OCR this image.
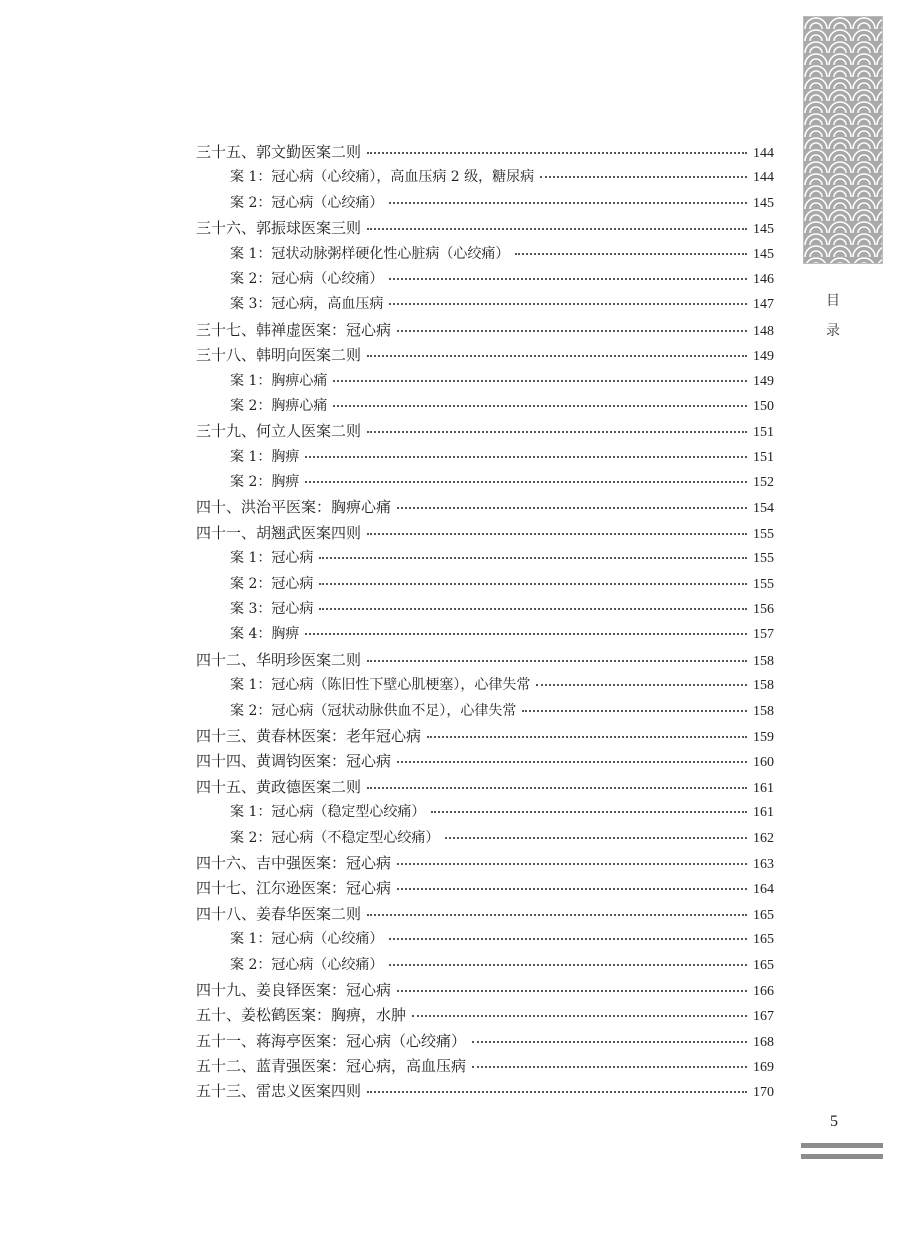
目录
三十五、郭文勤医案二则	144
案 1：冠心病（心绞痛），高血压病 2 级，糖尿病	144
案 2：冠心病（心绞痛）	145
三十六、郭振球医案三则	145
案 1：冠状动脉粥样硬化性心脏病（心绞痛）	145
案 2：冠心病（心绞痛）	146
案 3：冠心病，高血压病	147
三十七、韩禅虚医案：冠心病	148
三十八、韩明向医案二则	149
案 1：胸痹心痛	149
案 2：胸痹心痛	150
三十九、何立人医案二则	151
案 1：胸痹	151
案 2：胸痹	152
四十、洪治平医案：胸痹心痛	154
四十一、胡翘武医案四则	155
案 1：冠心病	155
案 2：冠心病	155
案 3：冠心病	156
案 4：胸痹	157
四十二、华明珍医案二则	158
案 1：冠心病（陈旧性下壁心肌梗塞），心律失常	158
案 2：冠心病（冠状动脉供血不足），心律失常	158
四十三、黄春林医案：老年冠心病	159
四十四、黄调钧医案：冠心病	160
四十五、黄政德医案二则	161
案 1：冠心病（稳定型心绞痛）	161
案 2：冠心病（不稳定型心绞痛）	162
四十六、吉中强医案：冠心病	163
四十七、江尔逊医案：冠心病	164
四十八、姜春华医案二则	165
案 1：冠心病（心绞痛）	165
案 2：冠心病（心绞痛）	165
四十九、姜良铎医案：冠心病	166
五十、姜松鹤医案：胸痹，水肿	167
五十一、蒋海亭医案：冠心病（心绞痛）	168
五十二、蓝青强医案：冠心病，高血压病	169
五十三、雷忠义医案四则	170
5
